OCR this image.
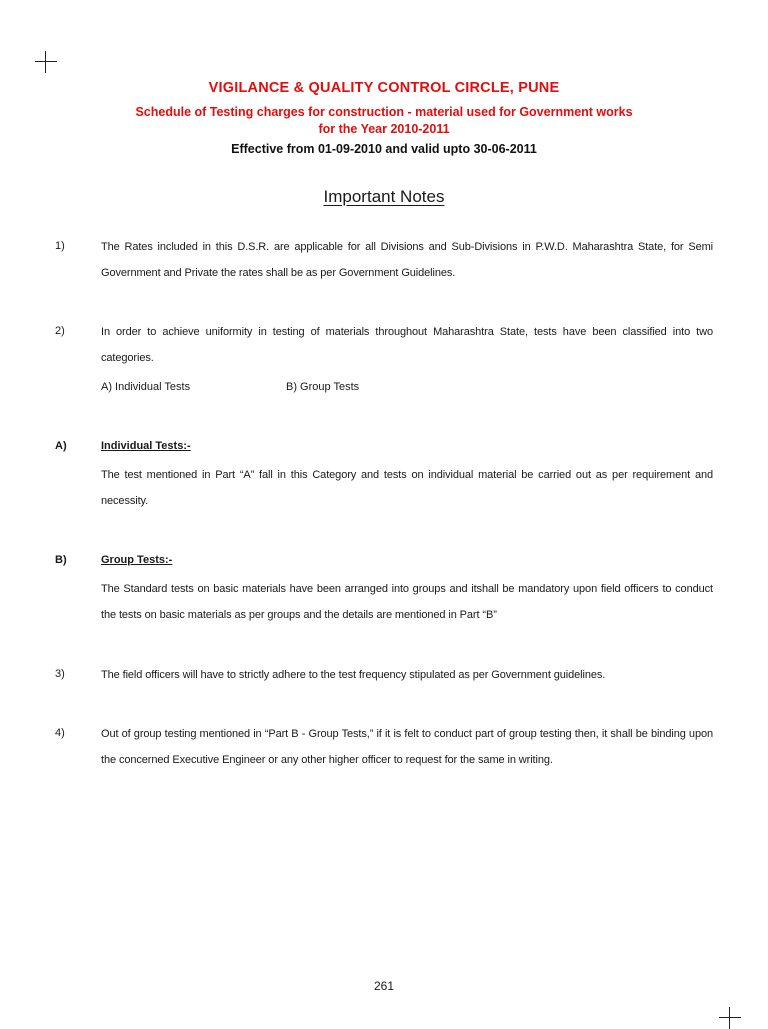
VIGILANCE & QUALITY CONTROL CIRCLE, PUNE
Schedule of Testing charges for construction - material used for Government works
for the Year 2010-2011
Effective from 01-09-2010 and valid upto 30-06-2011
Important Notes
1)	The Rates included in this D.S.R. are applicable for all Divisions and Sub-Divisions in P.W.D. Maharashtra State, for Semi Government and Private the rates shall be as per Government Guidelines.
2)	In order to achieve uniformity in testing of materials throughout Maharashtra State, tests have been classified into two categories.
A) Individual Tests	B) Group Tests
A)	Individual Tests:-
The test mentioned in Part “A” fall in this Category and tests on individual material be carried out as per requirement and necessity.
B)	Group Tests:-
The Standard tests on basic materials have been arranged into groups and itshall be mandatory upon field officers to conduct the tests on basic materials as per groups and the details are mentioned in Part “B”
3)	The field officers will have to strictly adhere to the test frequency stipulated as per Government guidelines.
4)	Out of group testing mentioned in “Part B - Group Tests,” if it is felt to conduct part of group testing then, it shall be binding upon the concerned Executive Engineer or any other higher officer to request for the same in writing.
261
